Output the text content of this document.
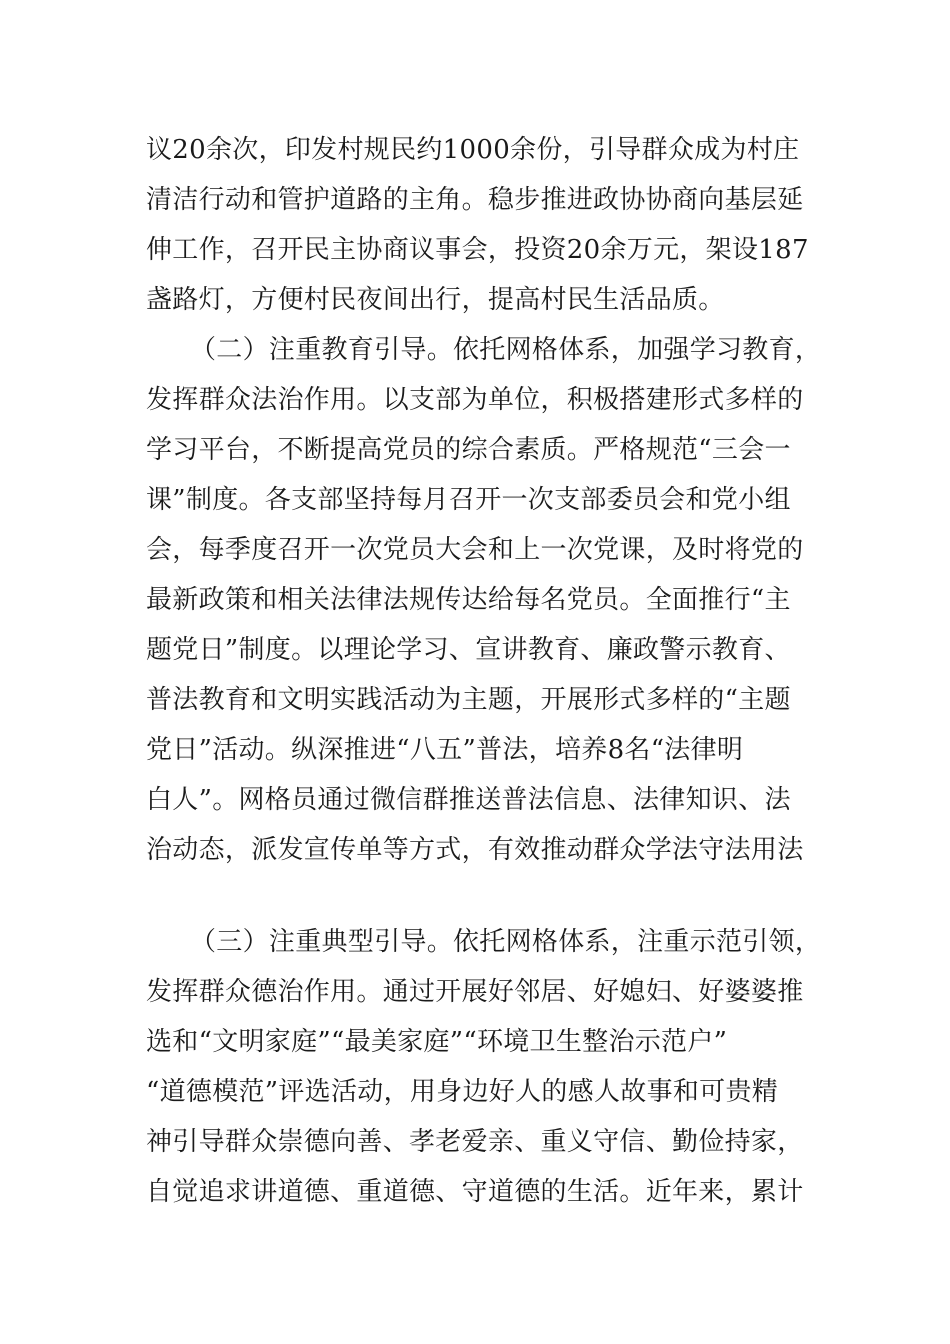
议20余次，印发村规民约1000余份，引导群众成为村庄
清洁行动和管护道路的主角。稳步推进政协协商向基层延
伸工作，召开民主协商议事会，投资20余万元，架设187
盏路灯，方便村民夜间出行，提高村民生活品质。
（二）注重教育引导。依托网格体系，加强学习教育，
发挥群众法治作用。以支部为单位，积极搭建形式多样的
学习平台，不断提高党员的综合素质。严格规范“三会一
课”制度。各支部坚持每月召开一次支部委员会和党小组
会，每季度召开一次党员大会和上一次党课，及时将党的
最新政策和相关法律法规传达给每名党员。全面推行“主
题党日”制度。以理论学习、宣讲教育、廉政警示教育、
普法教育和文明实践活动为主题，开展形式多样的“主题
党日”活动。纵深推进“八五”普法，培养8名“法律明
白人”。网格员通过微信群推送普法信息、法律知识、法
治动态，派发宣传单等方式，有效推动群众学法守法用法
（三）注重典型引导。依托网格体系，注重示范引领，
发挥群众德治作用。通过开展好邻居、好媳妇、好婆婆推
选和“文明家庭”“最美家庭”“环境卫生整治示范户”
“道德模范”评选活动，用身边好人的感人故事和可贵精
神引导群众崇德向善、孝老爱亲、重义守信、勤俭持家，
自觉追求讲道德、重道德、守道德的生活。近年来，累计
